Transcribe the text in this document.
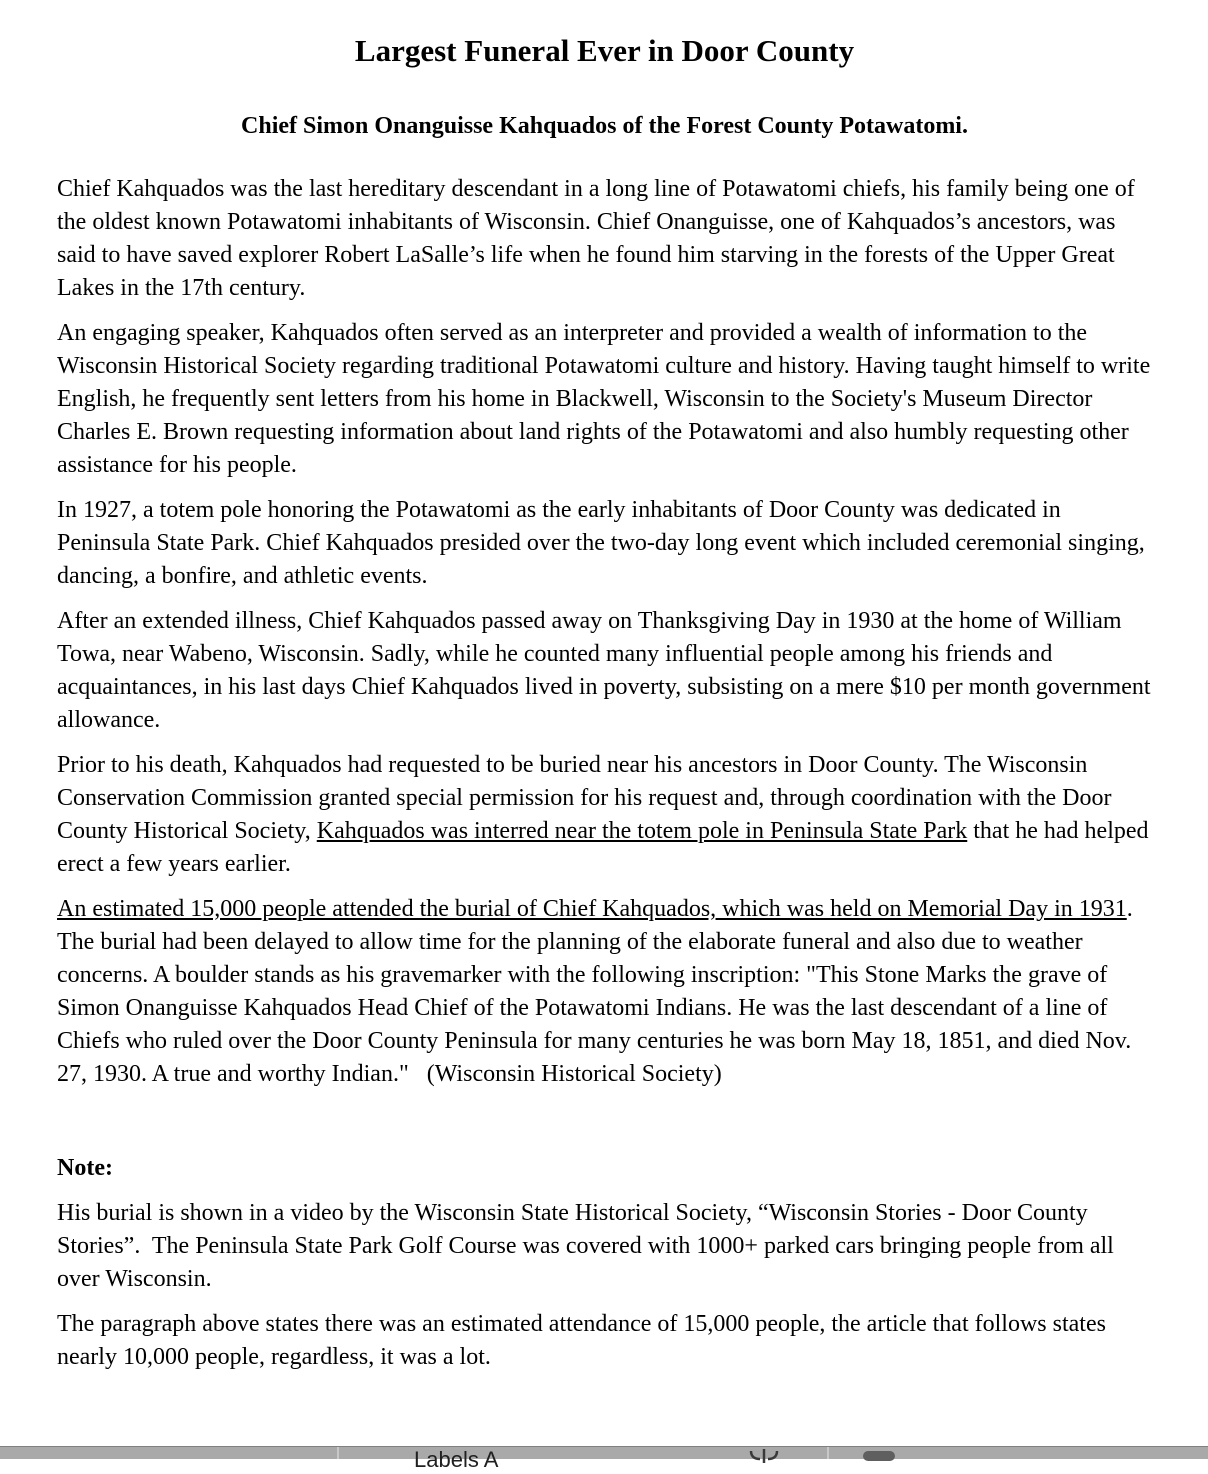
Largest Funeral Ever in Door County
Chief Simon Onanguisse Kahquados of the Forest County Potawatomi.

Chief Kahquados was the last hereditary descendant in a long line of Potawatomi chiefs, his family being one of the oldest known Potawatomi inhabitants of Wisconsin. Chief Onanguisse, one of Kahquados’s ancestors, was said to have saved explorer Robert LaSalle’s life when he found him starving in the forests of the Upper Great Lakes in the 17th century.

An engaging speaker, Kahquados often served as an interpreter and provided a wealth of information to the Wisconsin Historical Society regarding traditional Potawatomi culture and history. Having taught himself to write English, he frequently sent letters from his home in Blackwell, Wisconsin to the Society's Museum Director Charles E. Brown requesting information about land rights of the Potawatomi and also humbly requesting other assistance for his people.

In 1927, a totem pole honoring the Potawatomi as the early inhabitants of Door County was dedicated in Peninsula State Park. Chief Kahquados presided over the two-day long event which included ceremonial singing, dancing, a bonfire, and athletic events.

After an extended illness, Chief Kahquados passed away on Thanksgiving Day in 1930 at the home of William Towa, near Wabeno, Wisconsin. Sadly, while he counted many influential people among his friends and acquaintances, in his last days Chief Kahquados lived in poverty, subsisting on a mere $10 per month government allowance.

Prior to his death, Kahquados had requested to be buried near his ancestors in Door County. The Wisconsin Conservation Commission granted special permission for his request and, through coordination with the Door County Historical Society, Kahquados was interred near the totem pole in Peninsula State Park that he had helped erect a few years earlier.

An estimated 15,000 people attended the burial of Chief Kahquados, which was held on Memorial Day in 1931. The burial had been delayed to allow time for the planning of the elaborate funeral and also due to weather concerns. A boulder stands as his gravemarker with the following inscription: "This Stone Marks the grave of Simon Onanguisse Kahquados Head Chief of the Potawatomi Indians. He was the last descendant of a line of Chiefs who ruled over the Door County Peninsula for many centuries he was born May 18, 1851, and died Nov. 27, 1930. A true and worthy Indian."   (Wisconsin Historical Society)

Note:

His burial is shown in a video by the Wisconsin State Historical Society, “Wisconsin Stories - Door County Stories”.  The Peninsula State Park Golf Course was covered with 1000+ parked cars bringing people from all over Wisconsin.

The paragraph above states there was an estimated attendance of 15,000 people, the article that follows states nearly 10,000 people, regardless, it was a lot.

Labels A
